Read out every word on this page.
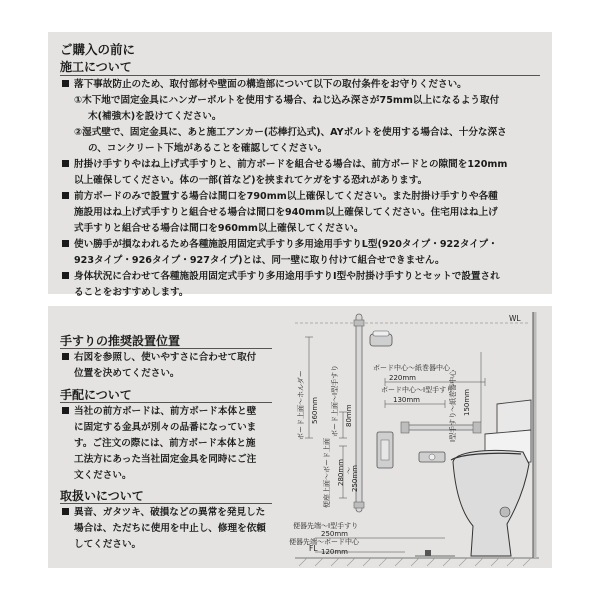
ご購入の前に
施工について
落下事故防止のため、取付部材や壁面の構造部について以下の取付条件をお守りください。
①木下地で固定金具にハンガーボルトを使用する場合、ねじ込み深さが75mm以上になるよう取付
木(補強木)を設けてください。
②湿式壁で、固定金具に、あと施工アンカー(芯棒打込式)、AYボルトを使用する場合は、十分な深さ
の、コンクリート下地があることを確認してください。
肘掛け手すりやはね上げ式手すりと、前方ボードを組合せる場合は、前方ボードとの隙間を120mm
以上確保してください。体の一部(首など)を挟まれてケガをする恐れがあります。
前方ボードのみで設置する場合は間口を790mm以上確保してください。また肘掛け手すりや各種
施設用はね上げ式手すりと組合せる場合は間口を940mm以上確保してください。住宅用はね上げ
式手すりと組合せる場合は間口を960mm以上確保してください。
使い勝手が損なわれるため各種施設用固定式手すり多用途用手すりL型(920タイプ・922タイプ・
923タイプ・926タイプ・927タイプ)とは、同一壁に取り付けて組合せできません。
身体状況に合わせて各種施設用固定式手すり多用途用手すりI型や肘掛け手すりとセットで設置され
ることをおすすめします。
手すりの推奨設置位置
右図を参照し、使いやすさに合わせて取付
位置を決めてください。
手配について
当社の前方ボードは、前方ボード本体と壁
に固定する金具が別々の品番になっていま
す。ご注文の際には、前方ボード本体と施
工法方にあった当社固定金具を同時にご注
文ください。
取扱いについて
異音、ガタツキ、破損などの異常を発見した
場合は、ただちに使用を中止し、修理を依頼
してください。
WL
FL
ボード上面〜ホルダー 560mm ボード上面〜I型手すり 80mm
便座上面〜ボード上面 280mm 〜
250mm
I型手すり〜紙巻器中心 150mm
ボード中心〜紙巻器中心
220mm
ボード中心〜I型手すり
130mm
便器先端〜I型手すり
250mm
便器先端〜ボード中心
120mm
